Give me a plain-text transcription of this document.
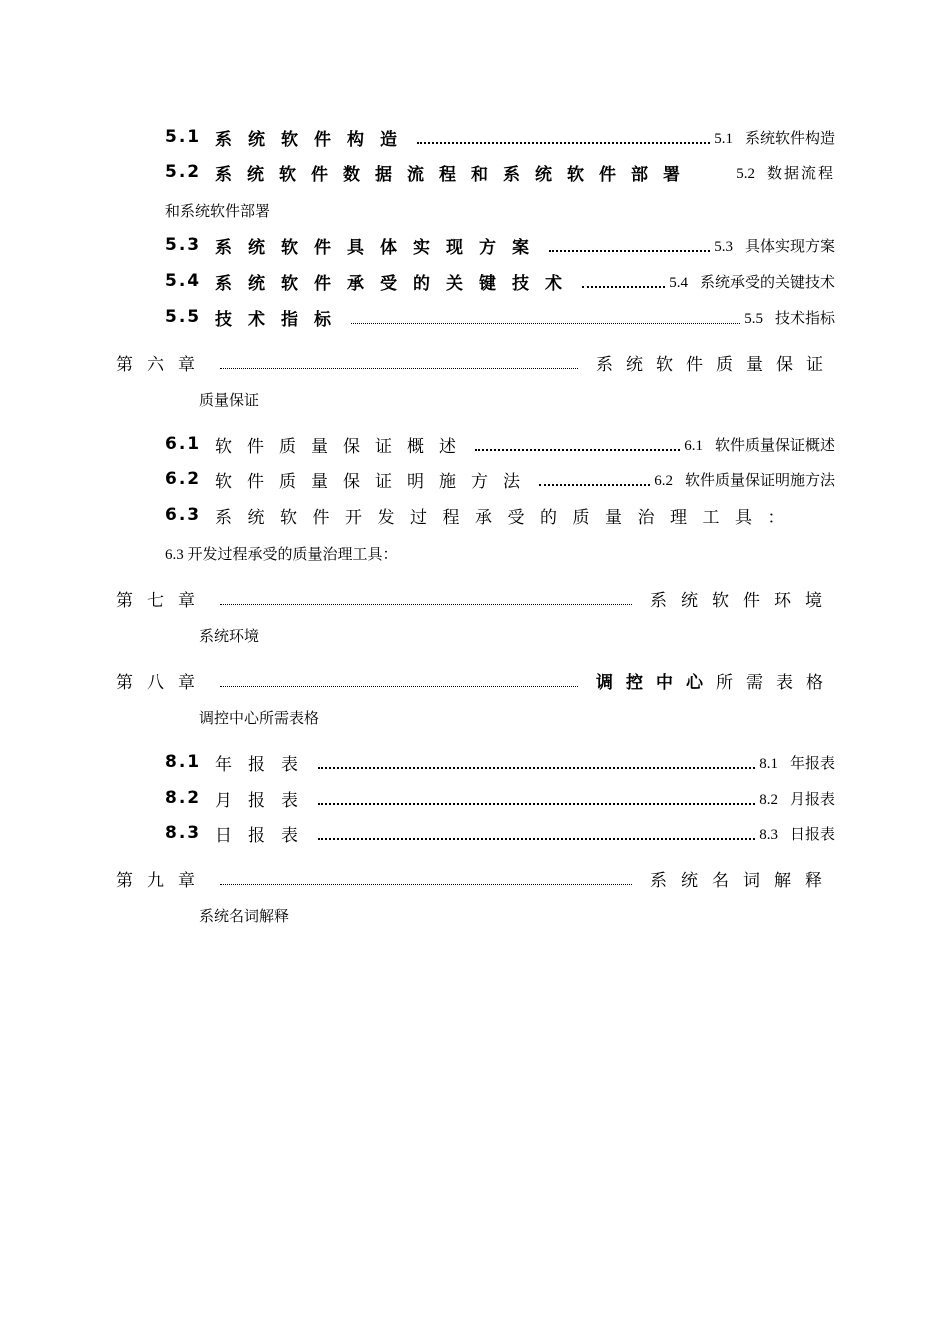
5.1 系统软件构造	5.1 系统软件构造
5.2 系统软件数据流程和系统软件部署	5.2 数据流程
和系统软件部署
5.3 系统软件具体实现方案	5.3 具体实现方案
5.4 系统软件承受的关键技术	5.4 系统承受的关键技术
5.5 技术指标	5.5 技术指标
第六章	系统软件质量保证
质量保证
6.1 软件质量保证概述	6.1 软件质量保证概述
6.2 软件质量保证明施方法	6.2 软件质量保证明施方法
6.3 系统软件开发过程承受的质量治理工具：
6.3 开发过程承受的质量治理工具：
第七章	系统软件环境
系统环境
第八章	调控中心所需表格
调控中心所需表格
8.1 年报表	8.1 年报表
8.2 月报表	8.2 月报表
8.3 日报表	8.3 日报表
第九章	系统名词解释
系统名词解释
